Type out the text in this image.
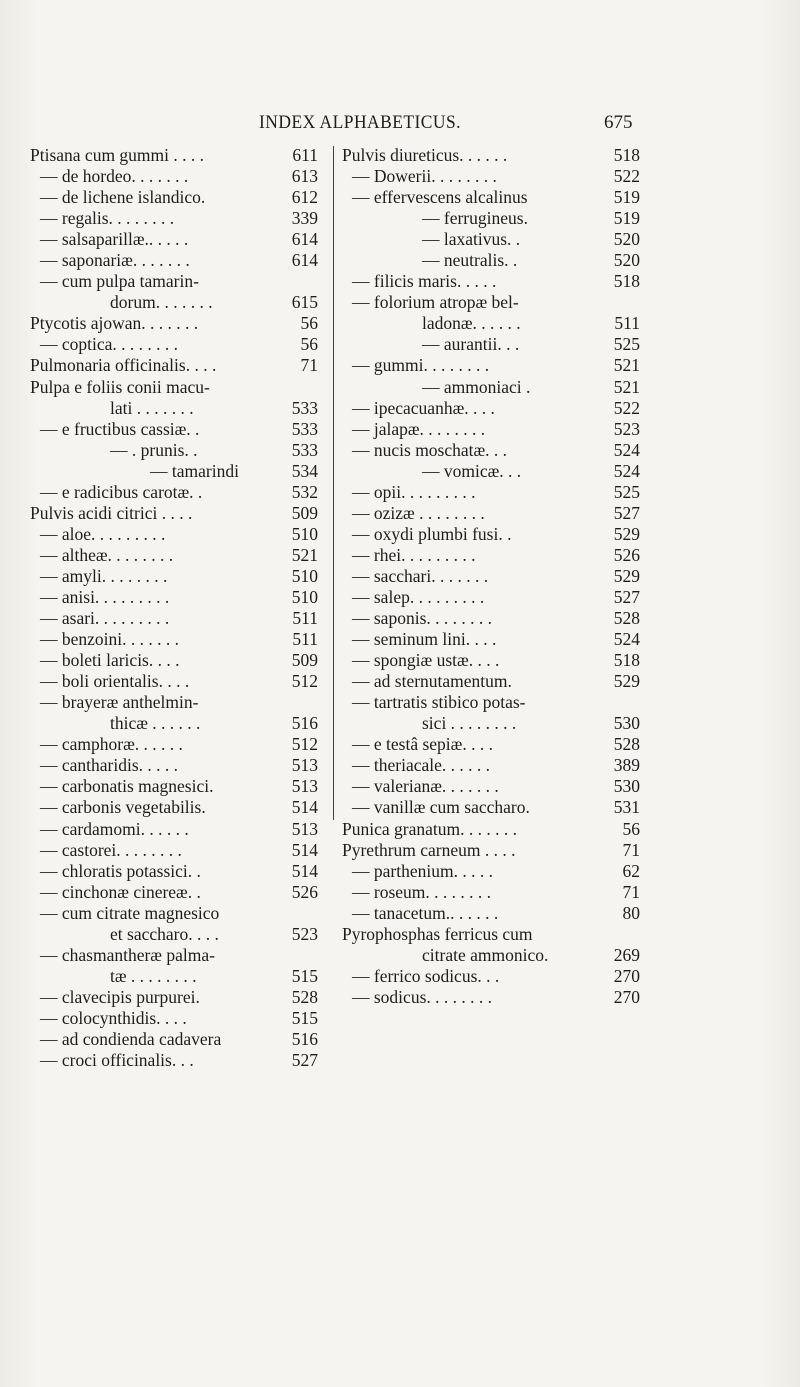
INDEX ALPHABETICUS.	675
Ptisana cum gummi . . . .	611
— de hordeo. . . . . . .	613
— de lichene islandico.	612
— regalis. . . . . . . .	339
— salsaparillæ.. . . . .	614
— saponariæ. . . . . . .	614
— cum pulpa tamarin-
dorum. . . . . . .	615
Ptycotis ajowan. . . . . . .	56
— coptica. . . . . . . .	56
Pulmonaria officinalis. . . .	71
Pulpa e foliis conii macu-
lati . . . . . . .	533
— e fructibus cassiæ. .	533
— . prunis. .	533
— tamarindi	534
— e radicibus carotæ. .	532
Pulvis acidi citrici . . . .	509
— aloe. . . . . . . . .	510
— altheæ. . . . . . . .	521
— amyli. . . . . . . .	510
— anisi. . . . . . . . .	510
— asari. . . . . . . . .	511
— benzoini. . . . . . .	511
— boleti laricis. . . .	509
— boli orientalis. . . .	512
— brayeræ anthelmin-
thicæ . . . . . .	516
— camphoræ. . . . . .	512
— cantharidis. . . . .	513
— carbonatis magnesici.	513
— carbonis vegetabilis.	514
— cardamomi. . . . . .	513
— castorei. . . . . . . .	514
— chloratis potassici. .	514
— cinchonæ cinereæ. .	526
— cum citrate magnesico
et saccharo. . . .	523
— chasmantheræ palma-
tæ . . . . . . . .	515
— clavecipis purpurei.	528
— colocynthidis. . . .	515
— ad condienda cadavera	516
— croci officinalis. . .	527
Pulvis diureticus. . . . . .	518
— Dowerii. . . . . . . .	522
— effervescens alcalinus	519
— ferrugineus.	519
— laxativus. .	520
— neutralis. .	520
— filicis maris. . . . .	518
— folorium atropæ bel-
ladonæ. . . . . .	511
— aurantii. . .	525
— gummi. . . . . . . .	521
— ammoniaci .	521
— ipecacuanhæ. . . .	522
— jalapæ. . . . . . . .	523
— nucis moschatæ. . .	524
— vomicæ. . .	524
— opii. . . . . . . . .	525
— ozizæ . . . . . . . .	527
— oxydi plumbi fusi. .	529
— rhei. . . . . . . . .	526
— sacchari. . . . . . .	529
— salep. . . . . . . . .	527
— saponis. . . . . . . .	528
— seminum lini. . . .	524
— spongiæ ustæ. . . .	518
— ad sternutamentum.	529
— tartratis stibico potas-
sici . . . . . . . .	530
— e testâ sepiæ. . . .	528
— theriacale. . . . . .	389
— valerianæ. . . . . . .	530
— vanillæ cum saccharo.	531
Punica granatum. . . . . . .	56
Pyrethrum carneum . . . .	71
— parthenium. . . . .	62
— roseum. . . . . . . .	71
— tanacetum.. . . . . .	80
Pyrophosphas ferricus cum
citrate ammonico.	269
— ferrico sodicus. . .	270
— sodicus. . . . . . . .	270
